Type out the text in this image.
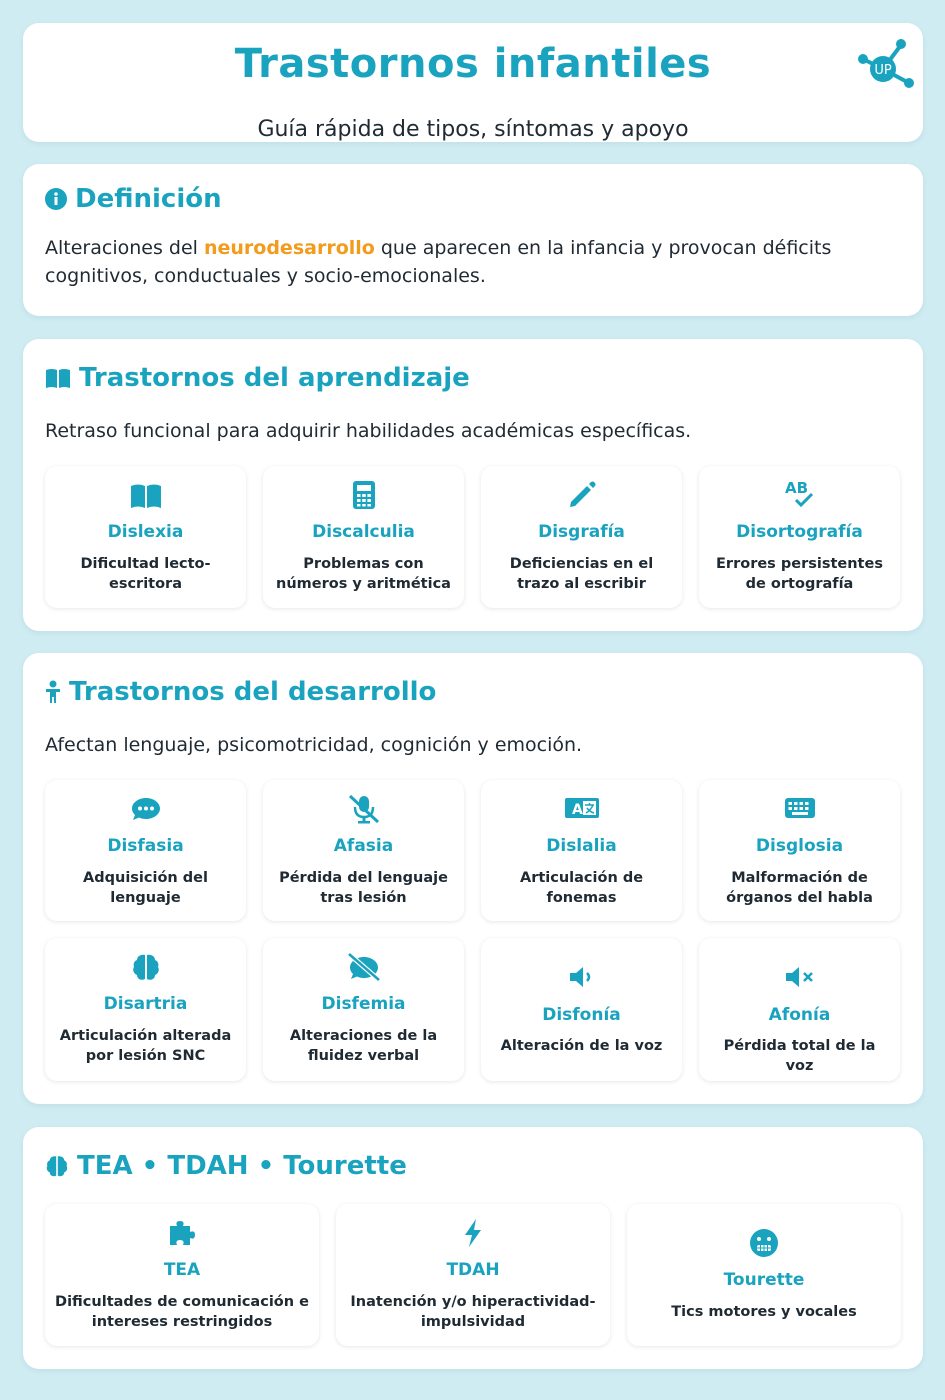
Trastornos infantiles
Guía rápida de tipos, síntomas y apoyo
UP
Definición
Alteraciones del neurodesarrollo que aparecen en la infancia y provocan déficits cognitivos, conductuales y socio-emocionales.
Trastornos del aprendizaje
Retraso funcional para adquirir habilidades académicas específicas.
Dislexia
Dificultad lecto-escritora
Discalculia
Problemas con números y aritmética
Disgrafía
Deficiencias en el trazo al escribir
AB
Disortografía
Errores persistentes de ortografía
Trastornos del desarrollo
Afectan lenguaje, psicomotricidad, cognición y emoción.
Disfasia
Adquisición del lenguaje
Afasia
Pérdida del lenguaje tras lesión
A
Dislalia
Articulación de fonemas
Disglosia
Malformación de órganos del habla
Disartria
Articulación alterada por lesión SNC
Disfemia
Alteraciones de la fluidez verbal
Disfonía
Alteración de la voz
Afonía
Pérdida total de la voz
TEA • TDAH • Tourette
TEA
Dificultades de comunicación e intereses restringidos
TDAH
Inatención y/o hiperactividad-impulsividad
Tourette
Tics motores y vocales
